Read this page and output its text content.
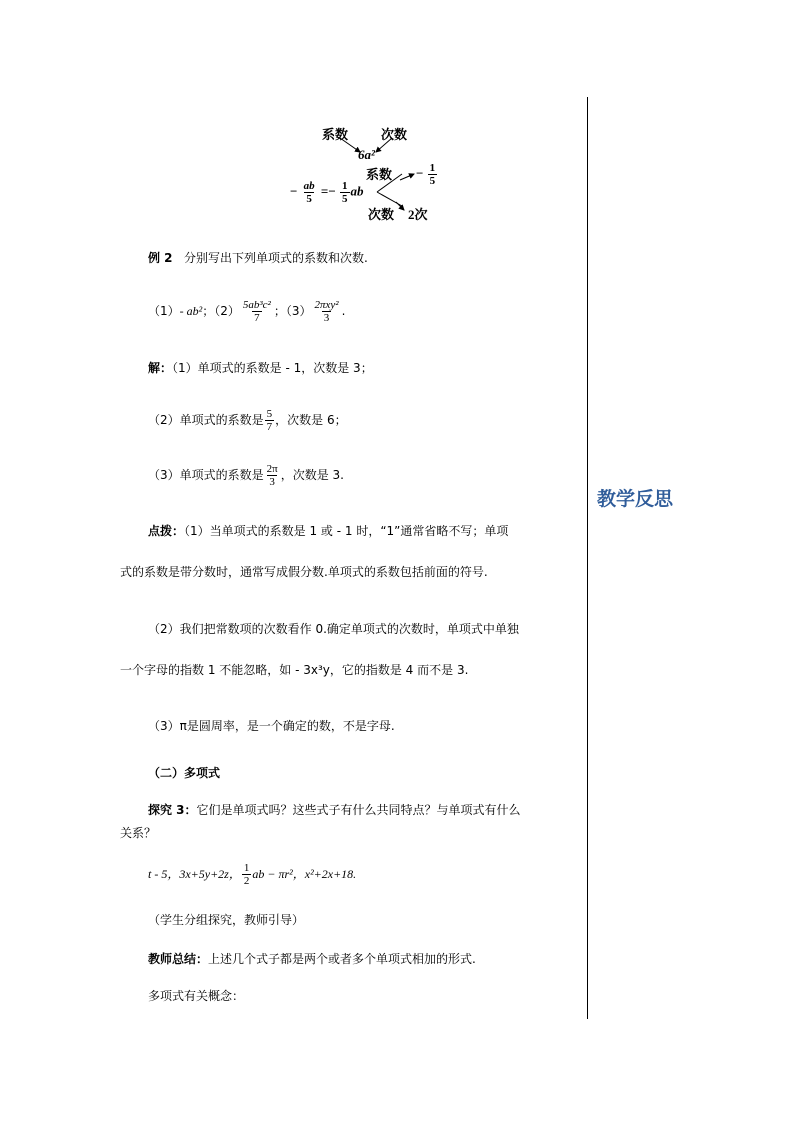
教学反思
系数	次数
6a²
系数 − $\frac{1}{5}$
− $\frac{ab}{5} =- \frac{1}{5}$ ab
次数 2次
例 2 分别写出下列单项式的系数和次数.
（1）- ab²；$(2) \frac{\text{5ab³c²}}{7}$ ；$(3) \frac{\text{2πxy²}}{3}$ .
解：（1）单项式的系数是 - 1，次数是 3；
（2）单项式的系数是 $\frac{5}{7}$ ，次数是 6；
（3）单项式的系数是 $\frac{2\pi}{3}$ ，次数是 3.
点拨：（1）当单项式的系数是 1 或 - 1 时，“1”通常省略不写；单项
式的系数是带分数时，通常写成假分数.单项式的系数包括前面的符号.
（2）我们把常数项的次数看作 0.确定单项式的次数时，单项式中单独
一个字母的指数 1 不能忽略，如 - 3x³y，它的指数是 4 而不是 3.
（3）π是圆周率，是一个确定的数，不是字母.
（二）多项式
探究 3：它们是单项式吗？这些式子有什么共同特点？与单项式有什么
关系？
t - 5，3x+5y+2z， $\frac{1}{2}$ ab − πr²，x²+2x+18.
（学生分组探究，教师引导）
教师总结：上述几个式子都是两个或者多个单项式相加的形式.
多项式有关概念：
